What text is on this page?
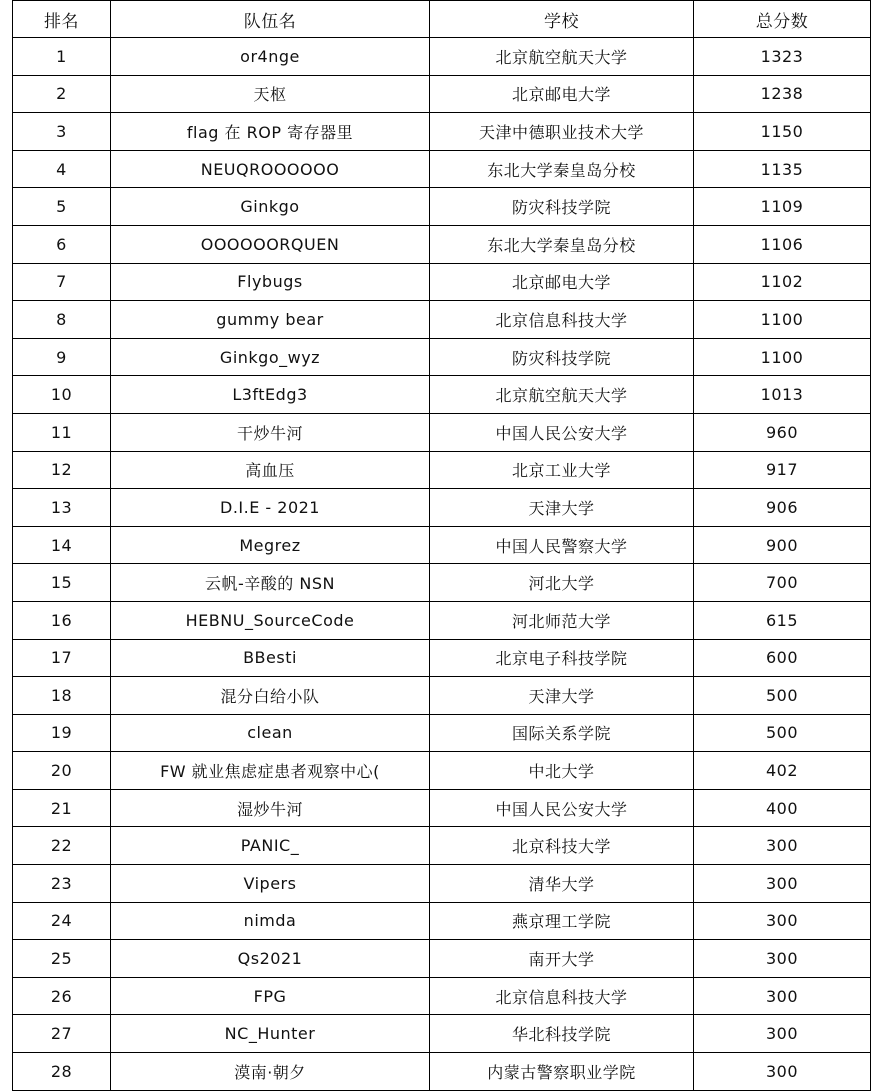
排名	队伍名	学校	总分数
1	or4nge	北京航空航天大学	1323
2	天枢	北京邮电大学	1238
3	flag 在 ROP 寄存器里	天津中德职业技术大学	1150
4	NEUQROOOOOO	东北大学秦皇岛分校	1135
5	Ginkgo	防灾科技学院	1109
6	OOOOOORQUEN	东北大学秦皇岛分校	1106
7	Flybugs	北京邮电大学	1102
8	gummy bear	北京信息科技大学	1100
9	Ginkgo_wyz	防灾科技学院	1100
10	L3ftEdg3	北京航空航天大学	1013
11	干炒牛河	中国人民公安大学	960
12	高血压	北京工业大学	917
13	D.I.E - 2021	天津大学	906
14	Megrez	中国人民警察大学	900
15	云帆-辛酸的 NSN	河北大学	700
16	HEBNU_SourceCode	河北师范大学	615
17	BBesti	北京电子科技学院	600
18	混分白给小队	天津大学	500
19	clean	国际关系学院	500
20	FW 就业焦虑症患者观察中心(	中北大学	402
21	湿炒牛河	中国人民公安大学	400
22	PANIC_	北京科技大学	300
23	Vipers	清华大学	300
24	nimda	燕京理工学院	300
25	Qs2021	南开大学	300
26	FPG	北京信息科技大学	300
27	NC_Hunter	华北科技学院	300
28	漠南·朝夕	内蒙古警察职业学院	300
